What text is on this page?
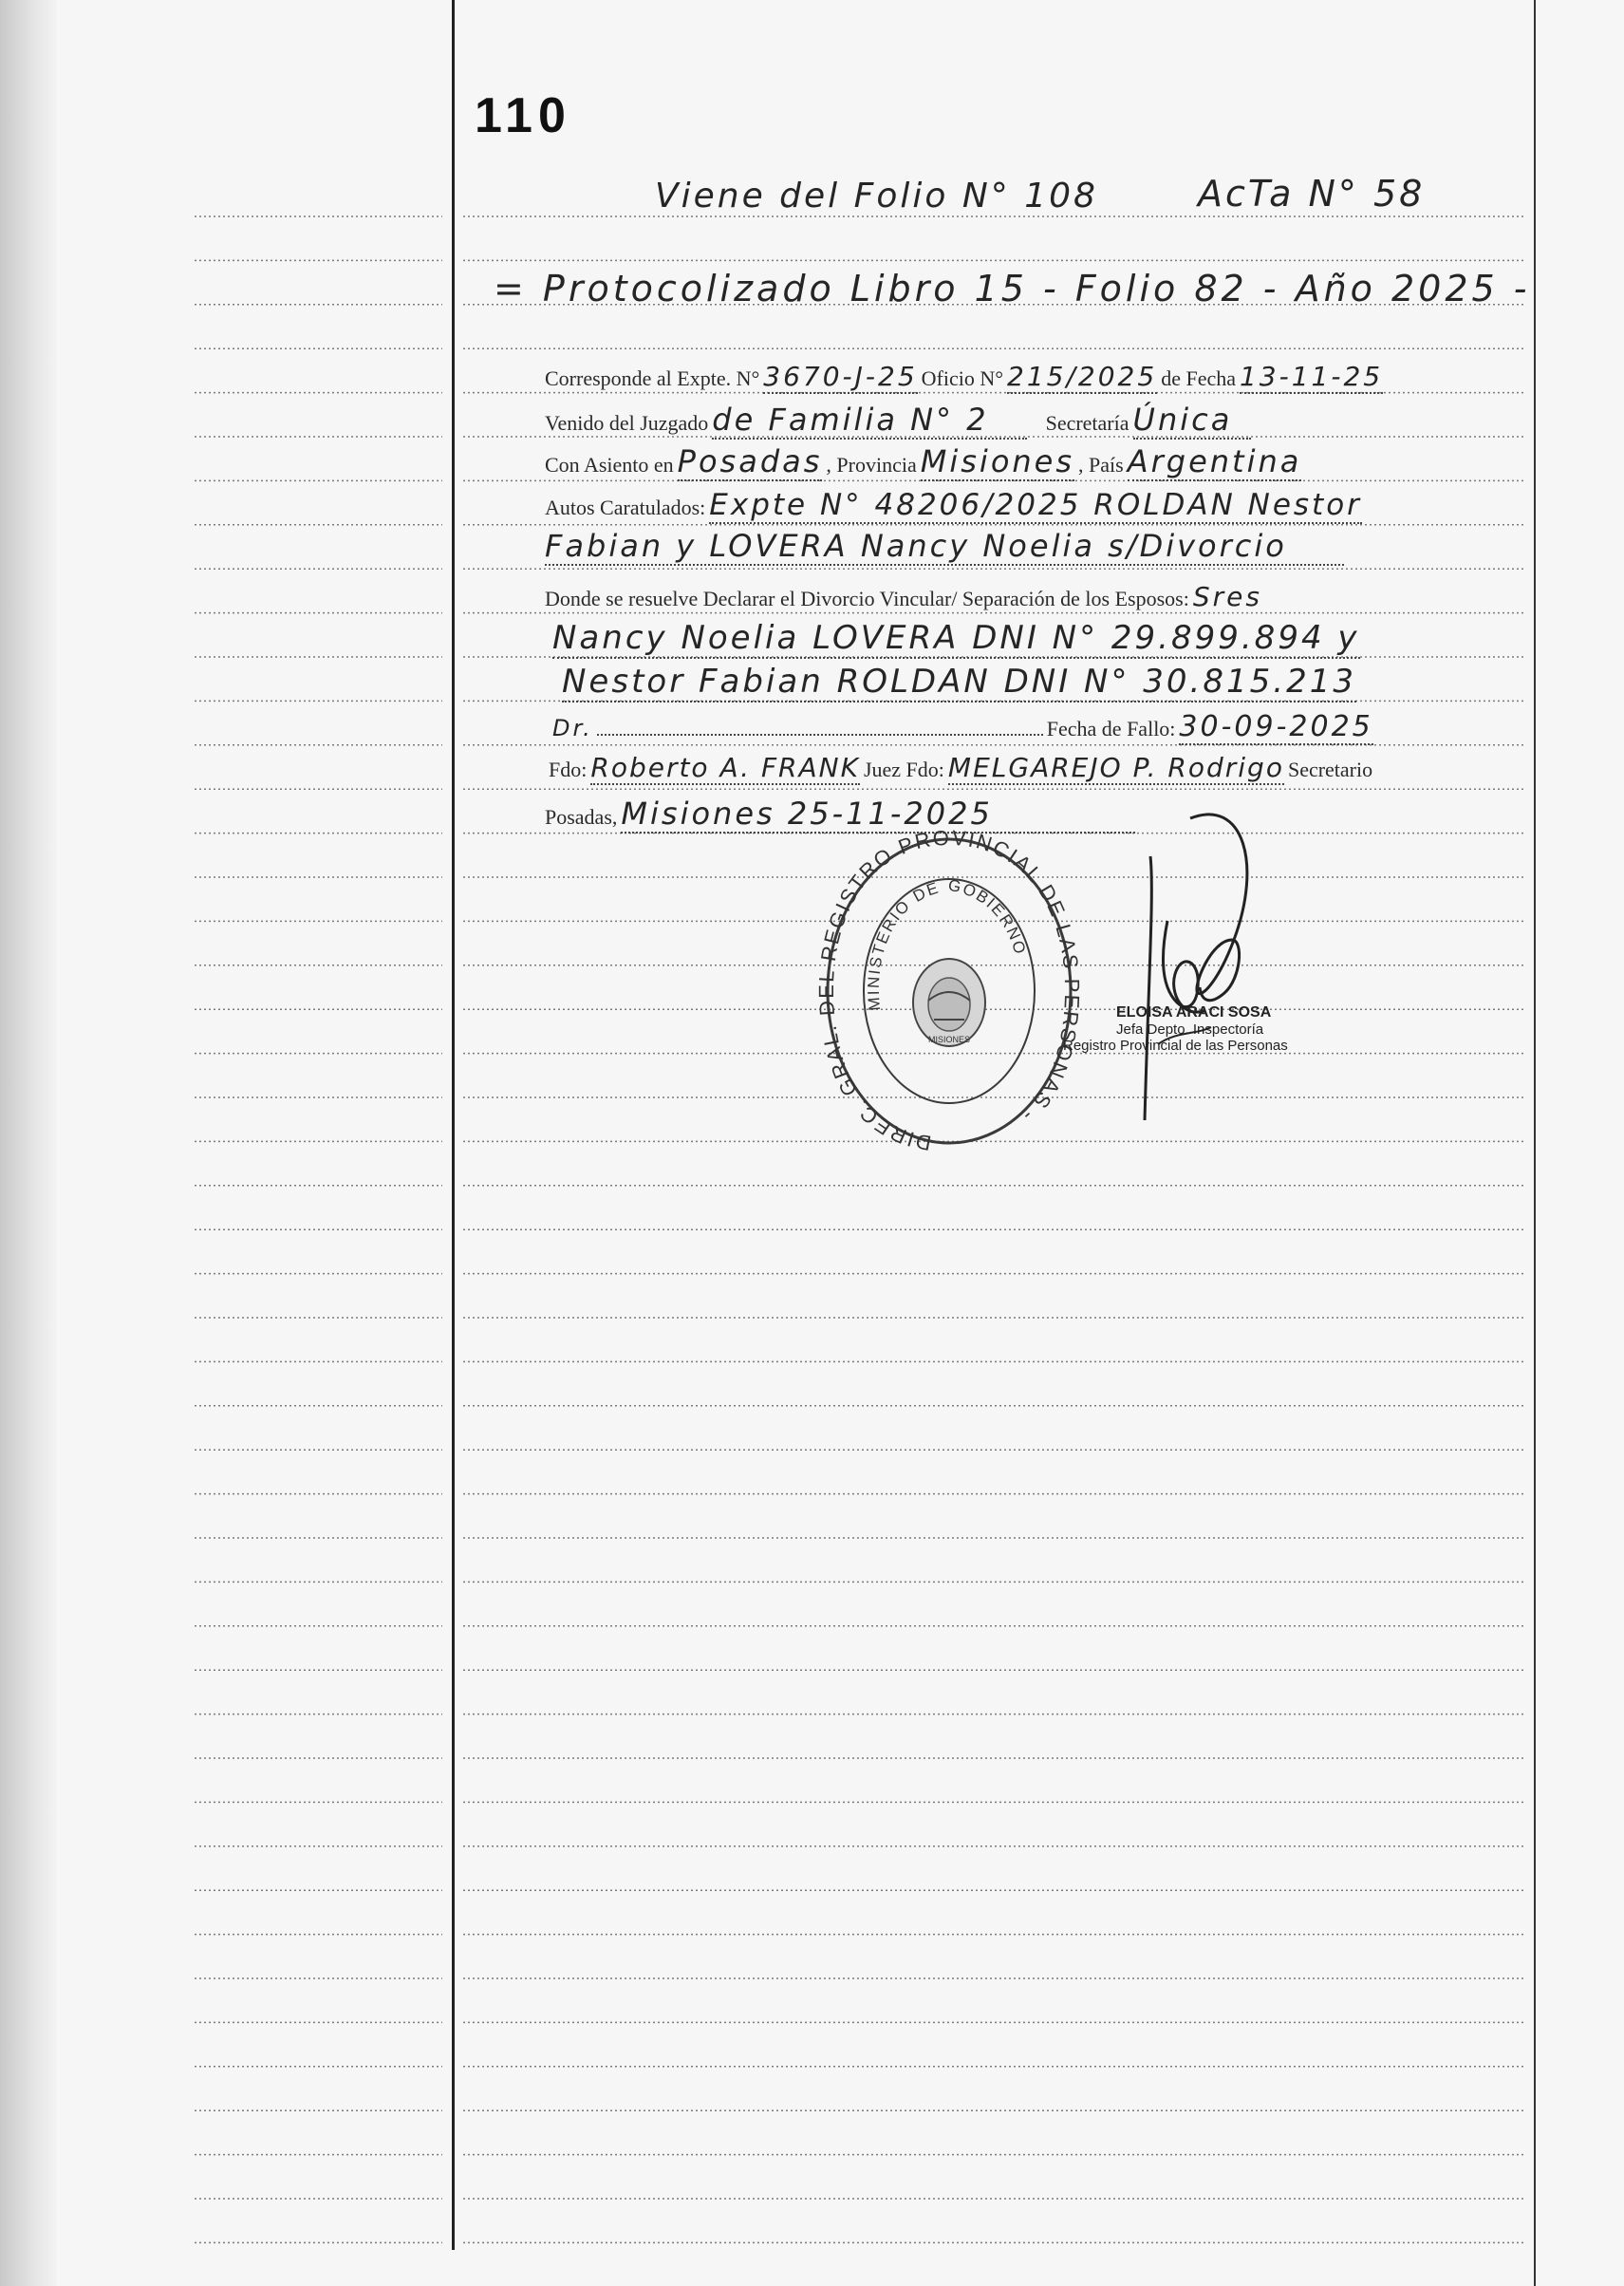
110
Viene del Folio N° 108	AcTa N° 58
= Protocolizado Libro 15 - Folio 82 - Año 2025 -
Corresponde al Expte. N° 3670-J-25 Oficio N° 215/2025 de Fecha 13-11-25
Venido del Juzgado de Familia N° 2	Secretaría Única
Con Asiento en Posadas , Provincia Misiones , País Argentina
Autos Caratulados: Expte N° 48206/2025 ROLDAN Nestor
Fabian y LOVERA Nancy Noelia s/Divorcio
Donde se resuelve Declarar el Divorcio Vincular/ Separación de los Esposos: Sres
Nancy Noelia LOVERA DNI N° 29.899.894 y
Nestor Fabian ROLDAN DNI N° 30.815.213
Dr.	Fecha de Fallo: 30-09-2025
Fdo: Roberto A. FRANK Juez Fdo: MELGAREJO P. Rodrigo Secretario
Posadas, Misiones 25-11-2025
DIREC. GRAL. DEL REGISTRO PROVINCIAL DE LAS PERSONAS -
MINISTERIO DE GOBIERNO
MISIONES
ELOISA ARACI SOSA
Jefa Depto. Inspectoría
Registro Provincial de las Personas
